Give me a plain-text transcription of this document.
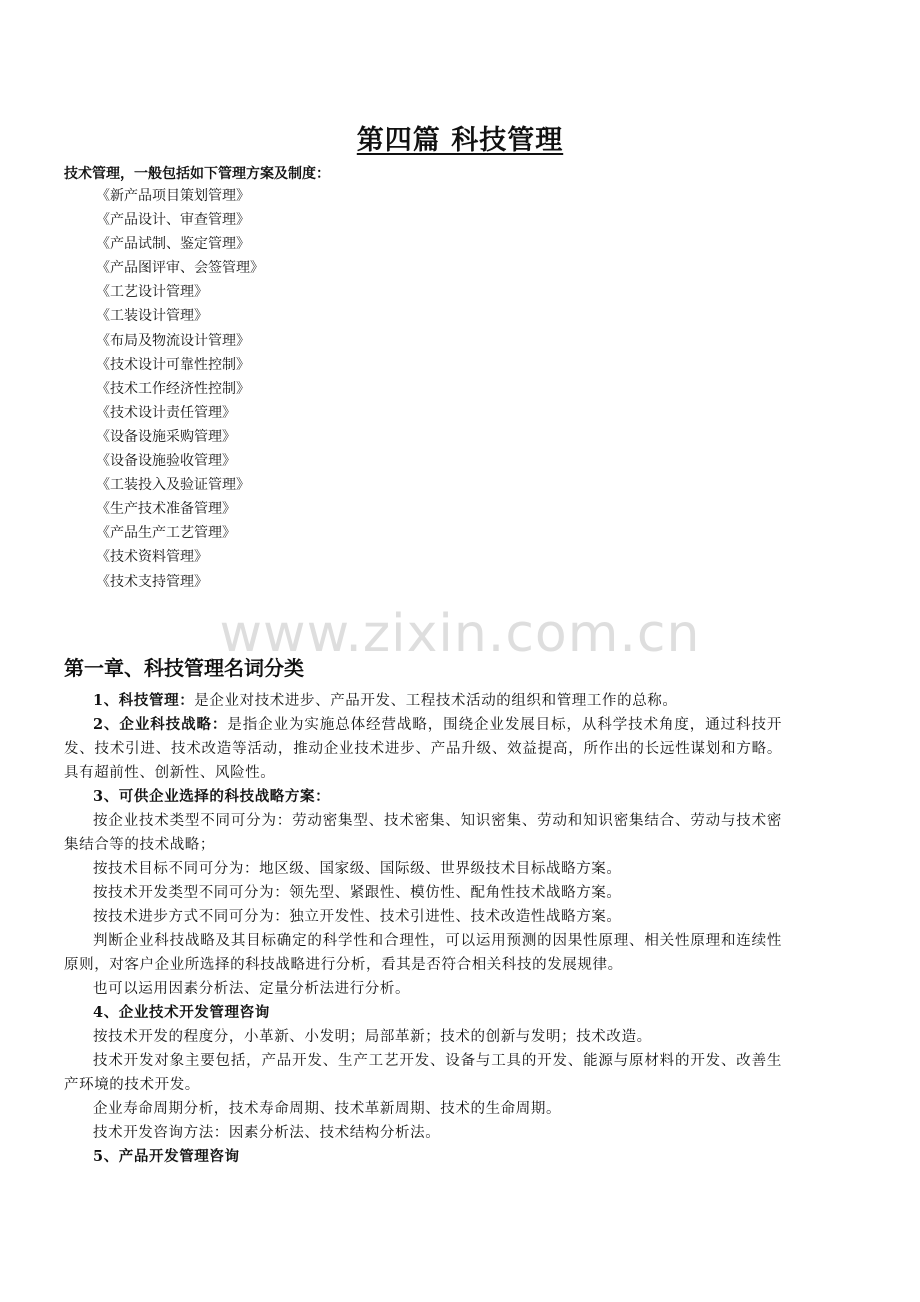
第四篇 科技管理
技术管理，一般包括如下管理方案及制度：
《新产品项目策划管理》
《产品设计、审查管理》
《产品试制、鉴定管理》
《产品图评审、会签管理》
《工艺设计管理》
《工装设计管理》
《布局及物流设计管理》
《技术设计可靠性控制》
《技术工作经济性控制》
《技术设计责任管理》
《设备设施采购管理》
《设备设施验收管理》
《工装投入及验证管理》
《生产技术准备管理》
《产品生产工艺管理》
《技术资料管理》
《技术支持管理》
www.zixin.com.cn
第一章、科技管理名词分类

1、科技管理：是企业对技术进步、产品开发、工程技术活动的组织和管理工作的总称。

2、企业科技战略：是指企业为实施总体经营战略，围绕企业发展目标，从科学技术角度，通过科技开发、技术引进、技术改造等活动，推动企业技术进步、产品升级、效益提高，所作出的长远性谋划和方略。具有超前性、创新性、风险性。

3、可供企业选择的科技战略方案：

按企业技术类型不同可分为：劳动密集型、技术密集、知识密集、劳动和知识密集结合、劳动与技术密集结合等的技术战略；

按技术目标不同可分为：地区级、国家级、国际级、世界级技术目标战略方案。

按技术开发类型不同可分为：领先型、紧跟性、模仿性、配角性技术战略方案。

按技术进步方式不同可分为：独立开发性、技术引进性、技术改造性战略方案。

判断企业科技战略及其目标确定的科学性和合理性，可以运用预测的因果性原理、相关性原理和连续性原则，对客户企业所选择的科技战略进行分析，看其是否符合相关科技的发展规律。

也可以运用因素分析法、定量分析法进行分析。

4、企业技术开发管理咨询

按技术开发的程度分，小革新、小发明；局部革新；技术的创新与发明；技术改造。

技术开发对象主要包括，产品开发、生产工艺开发、设备与工具的开发、能源与原材料的开发、改善生产环境的技术开发。

企业寿命周期分析，技术寿命周期、技术革新周期、技术的生命周期。

技术开发咨询方法：因素分析法、技术结构分析法。

5、产品开发管理咨询
